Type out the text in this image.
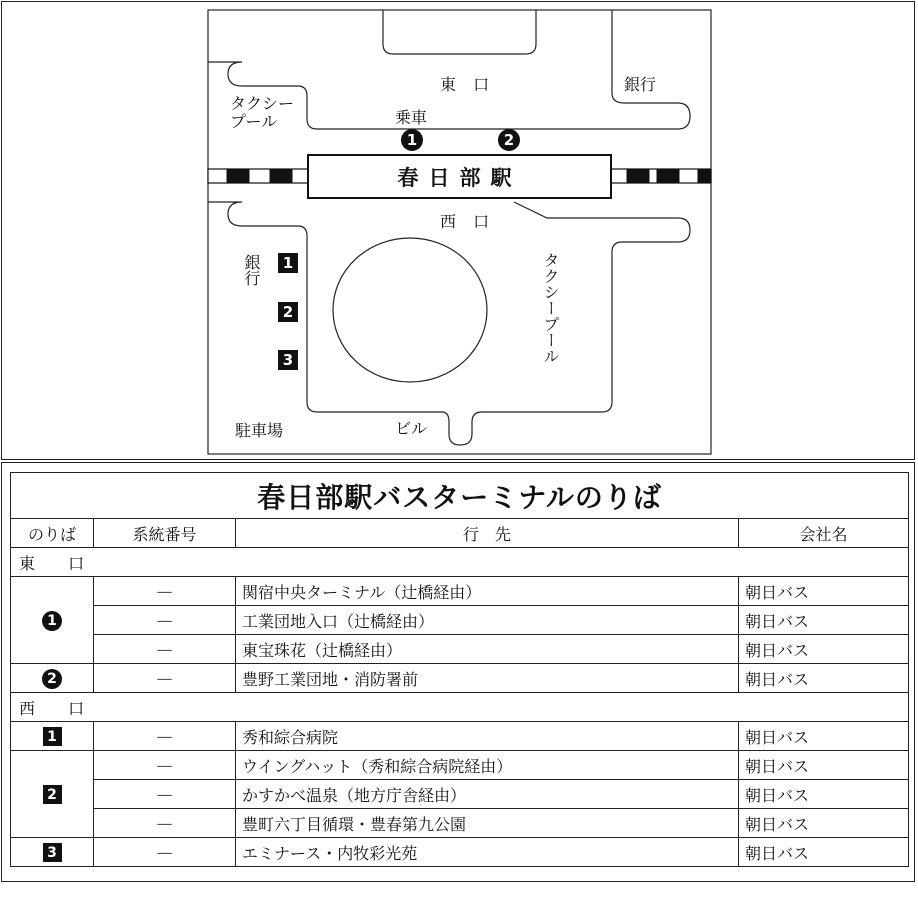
東 口	銀行
タクシー
プール	乗車
1	2
春日部駅
西 口
銀行	1
2
3	タクシープール
駐車場	ビル
春日部駅バスターミナルのりば			
のりば	系統番号	行　先	会社名
東 口			
1	—	関宿中央ターミナル（辻橋経由）	朝日バス
	—	工業団地入口（辻橋経由）	朝日バス
	—	東宝珠花（辻橋経由）	朝日バス
2	—	豊野工業団地・消防署前	朝日バス
西 口			
1	—	秀和綜合病院	朝日バス
2	—	ウイングハット（秀和綜合病院経由）	朝日バス
	—	かすかべ温泉（地方庁舎経由）	朝日バス
	—	豊町六丁目循環・豊春第九公園	朝日バス
3	—	エミナース・内牧彩光苑	朝日バス
